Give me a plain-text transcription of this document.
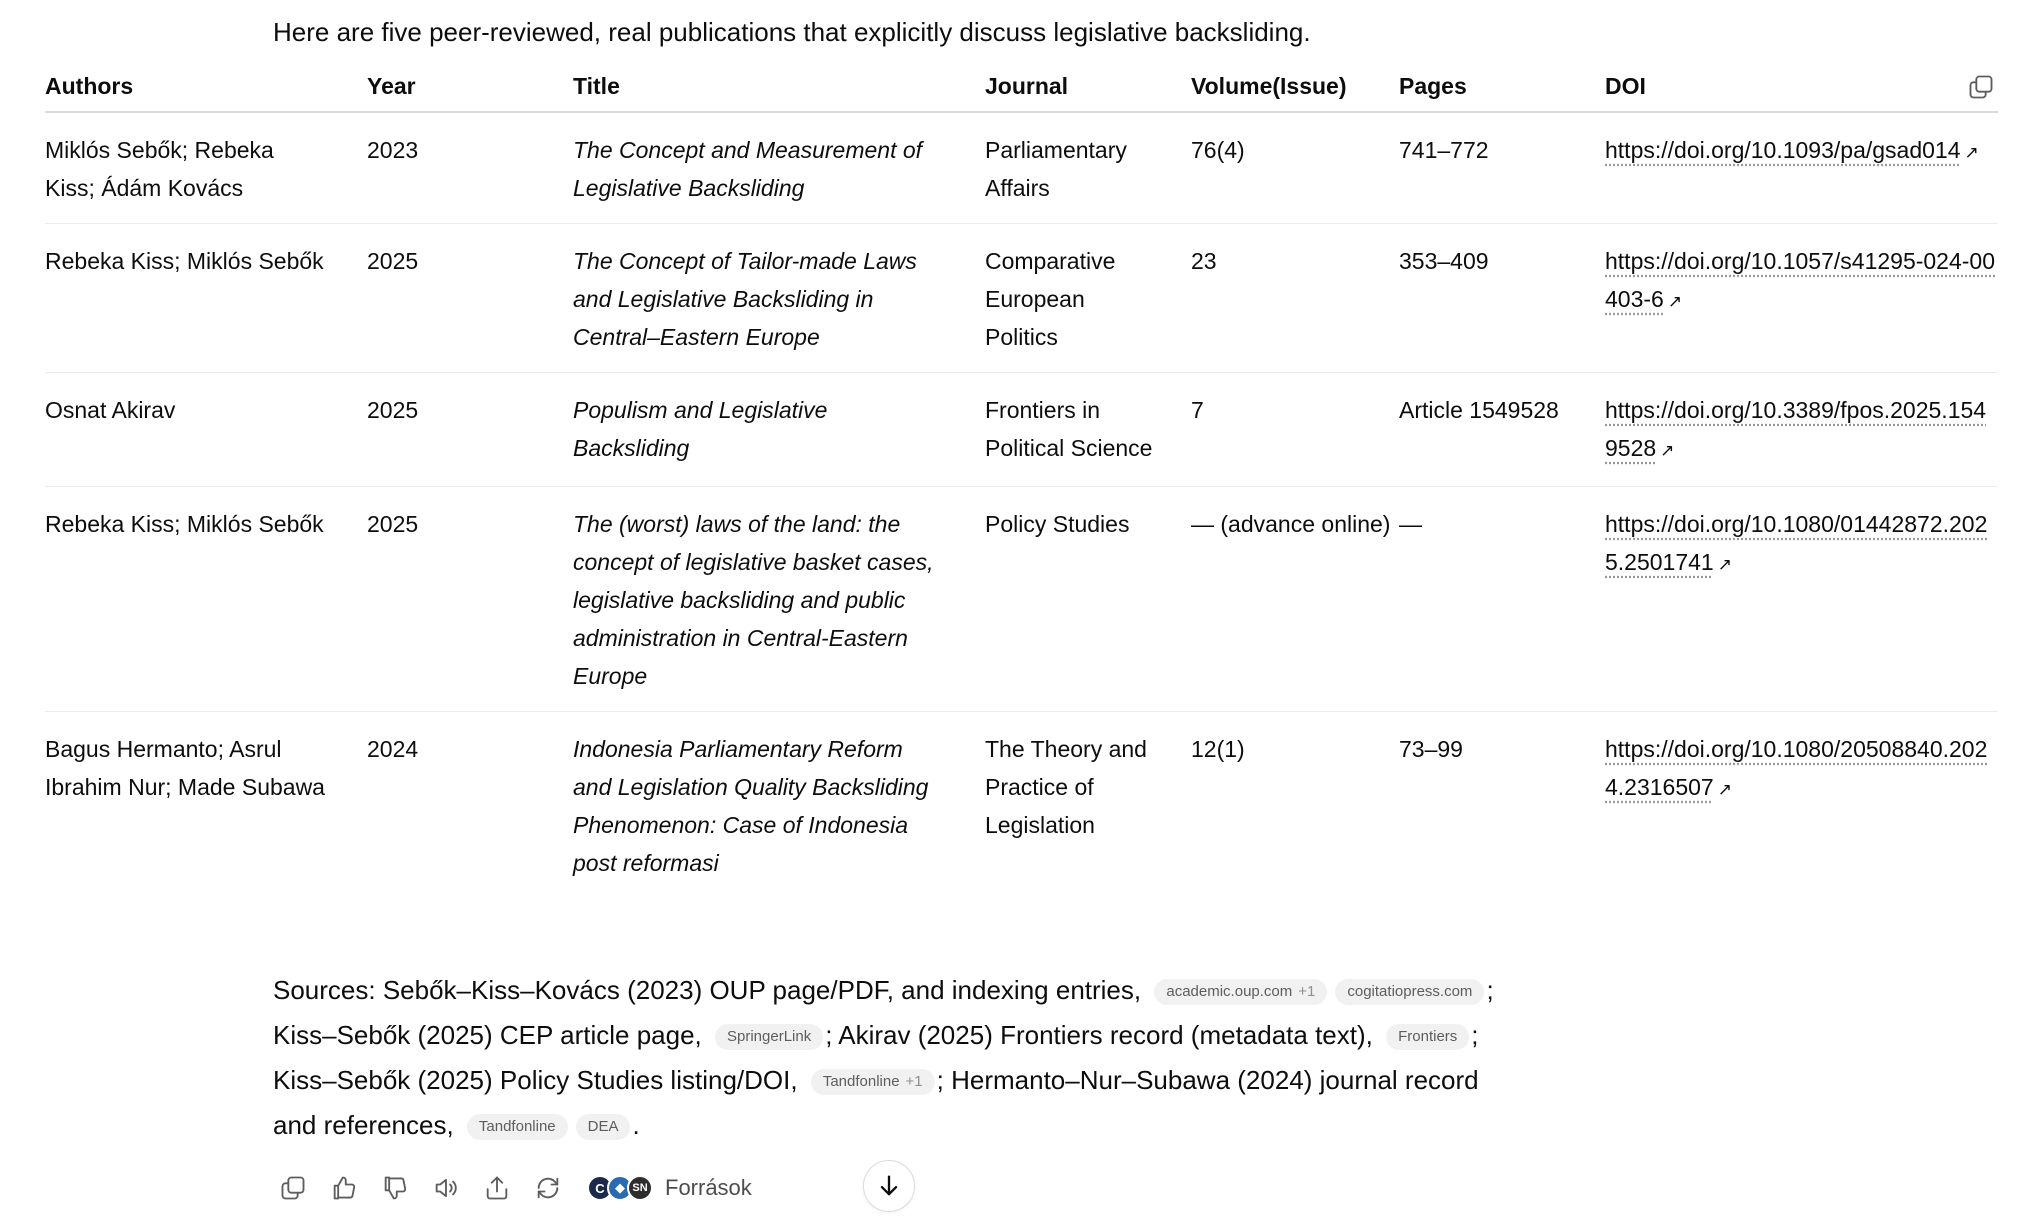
Here are five peer-reviewed, real publications that explicitly discuss legislative backsliding.
Authors	Year	Title	Journal	Volume(Issue)	Pages	DOI
Miklós Sebők; Rebeka Kiss; Ádám Kovács	2023	The Concept and Measurement of Legislative Backsliding	Parliamentary Affairs	76(4)	741–772	https://doi.org/10.1093/pa/gsad014 ↗
Rebeka Kiss; Miklós Sebők	2025	The Concept of Tailor-made Laws and Legislative Backsliding in Central–Eastern Europe	Comparative European Politics	23	353–409	https://doi.org/10.1057/s41295-024-00403-6 ↗
Osnat Akirav	2025	Populism and Legislative Backsliding	Frontiers in Political Science	7	Article 1549528	https://doi.org/10.3389/fpos.2025.1549528 ↗
Rebeka Kiss; Miklós Sebők	2025	The (worst) laws of the land: the concept of legislative basket cases, legislative backsliding and public administration in Central-Eastern Europe	Policy Studies	— (advance online)	—	https://doi.org/10.1080/01442872.2025.2501741 ↗
Bagus Hermanto; Asrul Ibrahim Nur; Made Subawa	2024	Indonesia Parliamentary Reform and Legislation Quality Backsliding Phenomenon: Case of Indonesia post reformasi	The Theory and Practice of Legislation	12(1)	73–99	https://doi.org/10.1080/20508840.2024.2316507 ↗
Sources: Sebők–Kiss–Kovács (2023) OUP page/PDF, and indexing entries, academic.oup.com +1 cogitatiopress.com ; Kiss–Sebők (2025) CEP article page, SpringerLink ; Akirav (2025) Frontiers record (metadata text), Frontiers ; Kiss–Sebők (2025) Policy Studies listing/DOI, Tandfonline +1 ; Hermanto–Nur–Subawa (2024) journal record and references, Tandfonline DEA .
C ◆ SN Források
